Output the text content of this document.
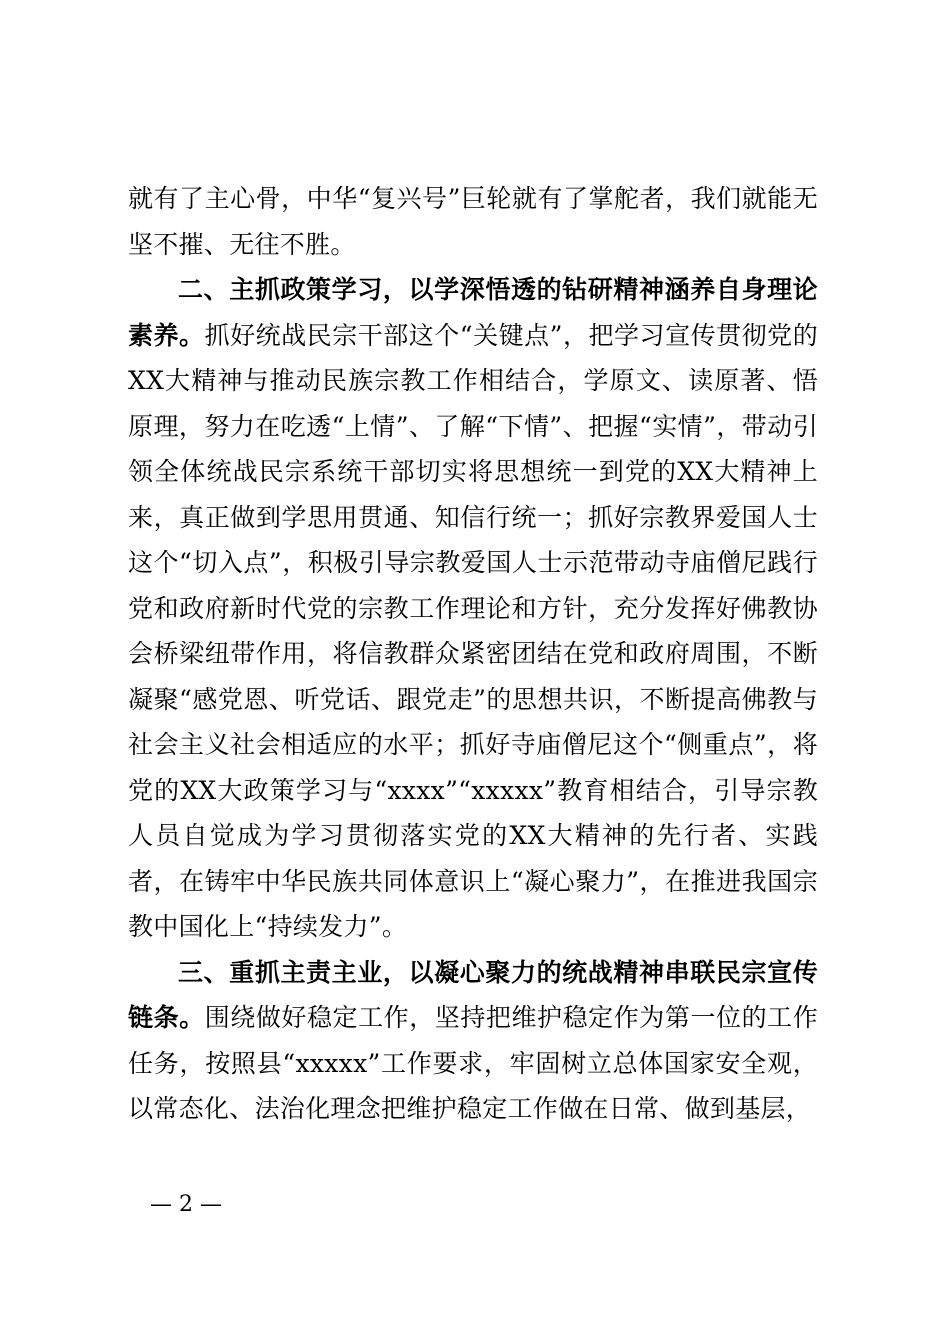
就有了主心骨，中华“复兴号”巨轮就有了掌舵者，我们就能无坚不摧、无往不胜。

二、主抓政策学习，以学深悟透的钻研精神涵养自身理论素养。抓好统战民宗干部这个“关键点”，把学习宣传贯彻党的XX大精神与推动民族宗教工作相结合，学原文、读原著、悟原理，努力在吃透“上情”、了解“下情”、把握“实情”，带动引领全体统战民宗系统干部切实将思想统一到党的XX大精神上来，真正做到学思用贯通、知信行统一；抓好宗教界爱国人士这个“切入点”，积极引导宗教爱国人士示范带动寺庙僧尼践行党和政府新时代党的宗教工作理论和方针，充分发挥好佛教协会桥梁纽带作用，将信教群众紧密团结在党和政府周围，不断凝聚“感党恩、听党话、跟党走”的思想共识，不断提高佛教与社会主义社会相适应的水平；抓好寺庙僧尼这个“侧重点”，将党的XX大政策学习与“xxxx”“xxxxx”教育相结合，引导宗教人员自觉成为学习贯彻落实党的XX大精神的先行者、实践者，在铸牢中华民族共同体意识上“凝心聚力”，在推进我国宗教中国化上“持续发力”。

三、重抓主责主业，以凝心聚力的统战精神串联民宗宣传链条。围绕做好稳定工作，坚持把维护稳定作为第一位的工作任务，按照县“xxxxx”工作要求，牢固树立总体国家安全观，以常态化、法治化理念把维护稳定工作做在日常、做到基层，

— 2 —
